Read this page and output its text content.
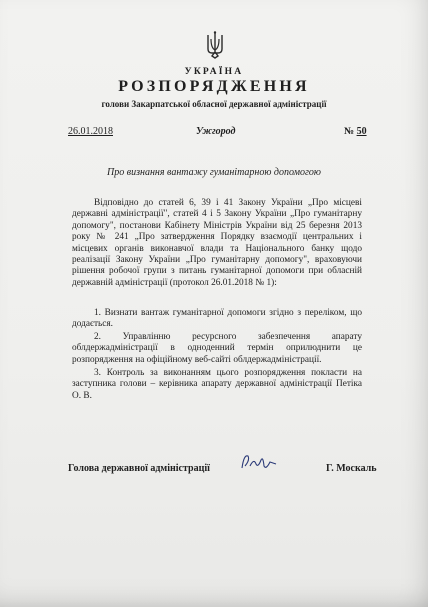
УКРАЇНА
РОЗПОРЯДЖЕННЯ
голови Закарпатської обласної державної адміністрації
26.01.2018	Ужгород	№ 50
Про визнання вантажу гуманітарною допомогою
Відповідно до статей 6, 39 і 41 Закону України „Про місцеві державні адміністрації", статей 4 і 5 Закону України „Про гуманітарну допомогу", постанови Кабінету Міністрів України від 25 березня 2013 року № 241 „Про затвердження Порядку взаємодії центральних і місцевих органів виконавчої влади та Національного банку щодо реалізації Закону України „Про гуманітарну допомогу", враховуючи рішення робочої групи з питань гуманітарної допомоги при обласній державній адміністрації (протокол 26.01.2018 № 1):
1. Визнати вантаж гуманітарної допомоги згідно з переліком, що додається.
2. Управлінню ресурсного забезпечення апарату облдержадміністрації в одноденний термін оприлюднити це розпорядження на офіційному веб-сайті облдержадміністрації.
3. Контроль за виконанням цього розпорядження покласти на заступника голови – керівника апарату державної адміністрації Петіка О. В.
Голова державної адміністрації	Г. Москаль
